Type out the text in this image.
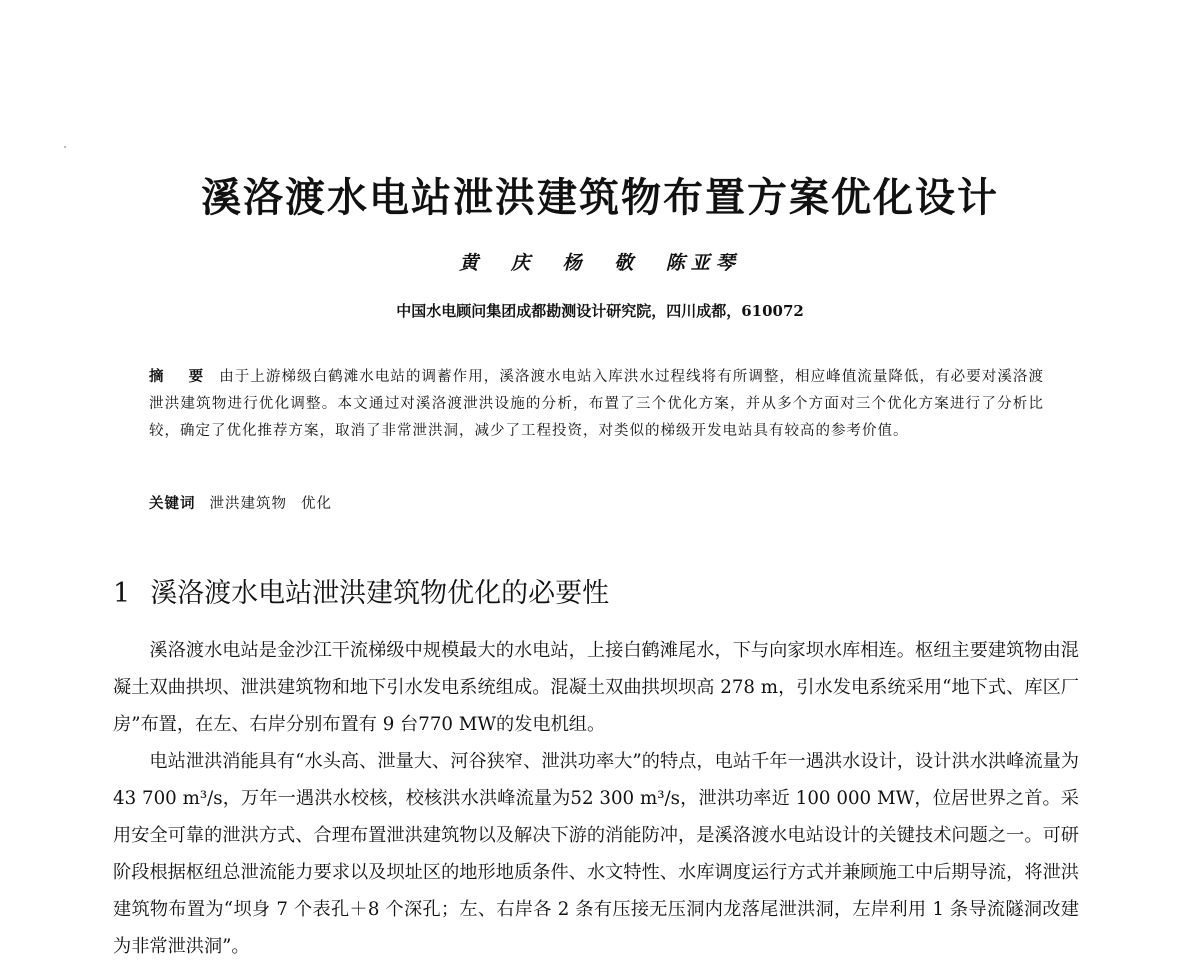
溪洛渡水电站泄洪建筑物布置方案优化设计
黄 庆 杨 敬 陈亚琴
中国水电顾问集团成都勘测设计研究院，四川成都，610072
摘 要 由于上游梯级白鹤滩水电站的调蓄作用，溪洛渡水电站入库洪水过程线将有所调整，相应峰值流量降低，有必要对溪洛渡泄洪建筑物进行优化调整。本文通过对溪洛渡泄洪设施的分析，布置了三个优化方案，并从多个方面对三个优化方案进行了分析比较，确定了优化推荐方案，取消了非常泄洪洞，减少了工程投资，对类似的梯级开发电站具有较高的参考价值。
关键词 泄洪建筑物 优化
1 溪洛渡水电站泄洪建筑物优化的必要性

溪洛渡水电站是金沙江干流梯级中规模最大的水电站，上接白鹤滩尾水，下与向家坝水库相连。枢纽主要建筑物由混凝土双曲拱坝、泄洪建筑物和地下引水发电系统组成。混凝土双曲拱坝坝高 278 m，引水发电系统采用“地下式、库区厂房”布置，在左、右岸分别布置有 9 台770 MW的发电机组。

电站泄洪消能具有“水头高、泄量大、河谷狭窄、泄洪功率大”的特点，电站千年一遇洪水设计，设计洪水洪峰流量为43 700 m³/s，万年一遇洪水校核，校核洪水洪峰流量为52 300 m³/s，泄洪功率近 100 000 MW，位居世界之首。采用安全可靠的泄洪方式、合理布置泄洪建筑物以及解决下游的消能防冲，是溪洛渡水电站设计的关键技术问题之一。可研阶段根据枢纽总泄流能力要求以及坝址区的地形地质条件、水文特性、水库调度运行方式并兼顾施工中后期导流，将泄洪建筑物布置为“坝身 7 个表孔＋8 个深孔；左、右岸各 2 条有压接无压洞内龙落尾泄洪洞，左岸利用 1 条导流隧洞改建为非常泄洪洞”。
